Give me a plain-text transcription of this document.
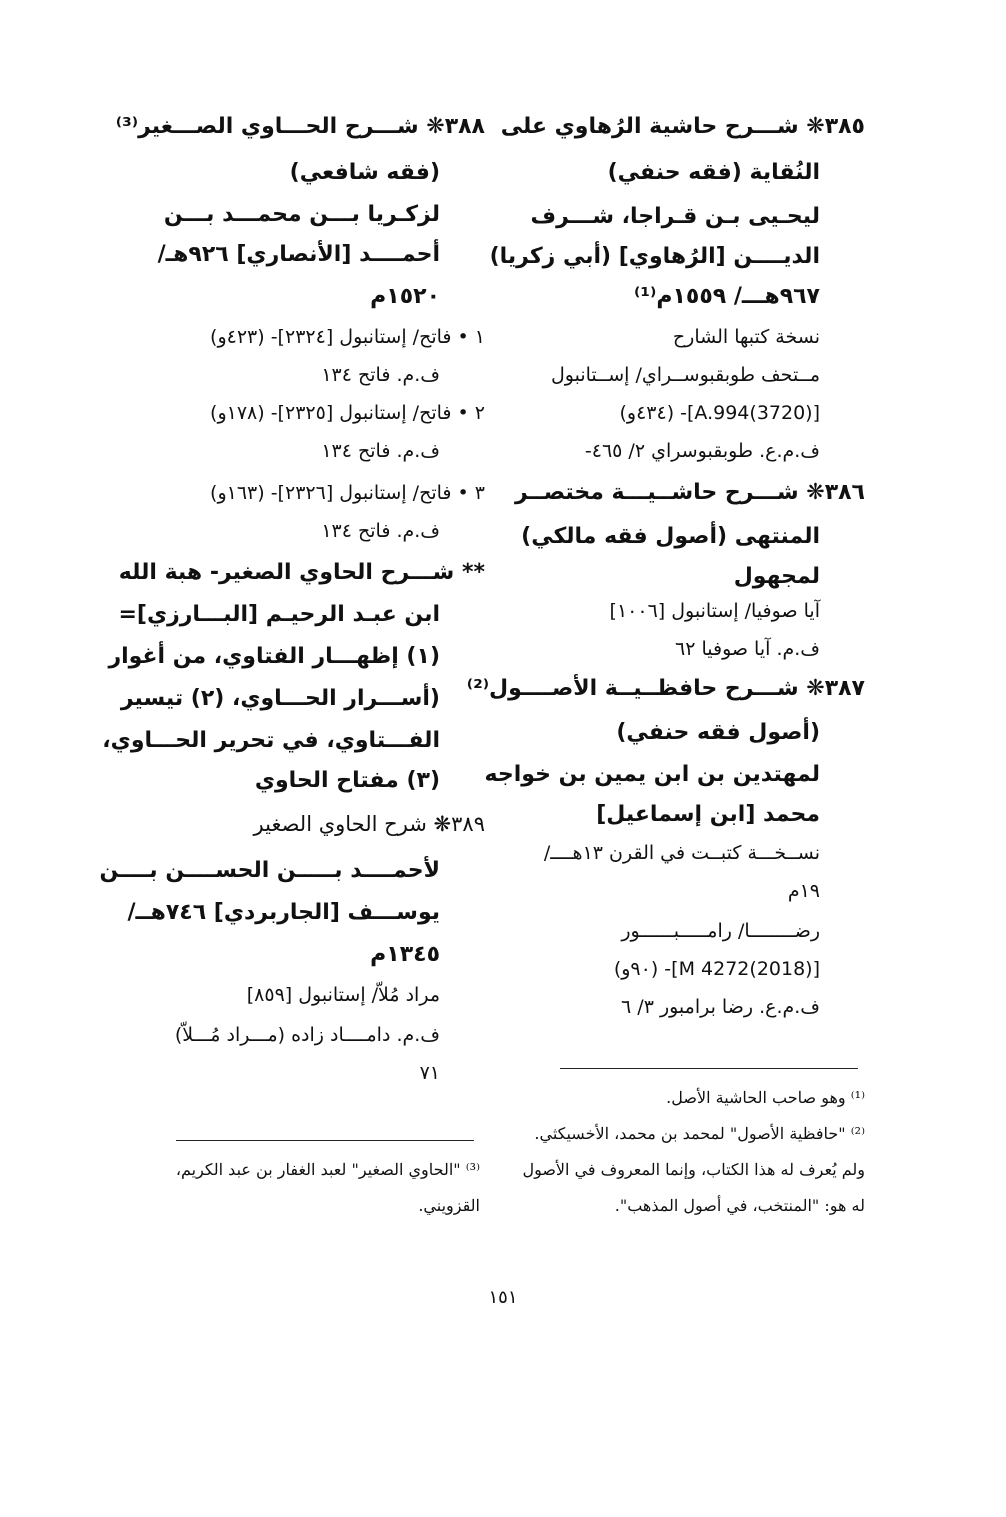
٣٨٥❋ شـــرح حاشية الرُهاوي على
النُقاية (فقه حنفي)
ليحـيى بـن قـراجا، شـــرف
الديــــن [الرُهاوي] (أبي زكريا)
٩٦٧هـــ/ ١٥٥٩م⁽¹⁾
نسخة كتبها الشارح
مــتحف طوبقبوســراي/ إســتانبول
[(3720)A.994]- (٤٣٤و)
ف.م.ع. طوبقبوسراي ٢/ ٤٦٥-
٣٨٦❋ شـــرح حاشــيـــة مختصــر
المنتهى (أصول فقه مالكي)
لمجهول
آيا صوفيا/ إستانبول [١٠٠٦]
ف.م. آيا صوفيا ٦٢
٣٨٧❋ شـــرح حافظــيــة الأصــــول⁽²⁾
(أصول فقه حنفي)
لمهتدين بن ابن يمين بن خواجه
محمد [ابن إسماعيل]
نســخـــة كتبــت في القرن ١٣هــــ/
١٩م
رضــــــــا/ رامـــــبــــــور
[(2018)4272 M]- (٩٠و)
ف.م.ع. رضا برامبور ٣/ ٦
٣٨٨❋ شـــرح الحـــاوي الصـــغير⁽³⁾
(فقه شافعي)
لزكـريا بـــن محمـــد بـــن
أحمــــد [الأنصاري] ٩٢٦هـ/
١٥٢٠م
١ • فاتح/ إستانبول [٢٣٢٤]- (٤٢٣و)
ف.م. فاتح ١٣٤
٢ • فاتح/ إستانبول [٢٣٢٥]- (١٧٨و)
ف.م. فاتح ١٣٤
٣ • فاتح/ إستانبول [٢٣٢٦]- (١٦٣و)
ف.م. فاتح ١٣٤
** شـــرح الحاوي الصغير- هبة الله
ابن عبـد الرحيـم [البـــارزي]=
(١) إظهـــار الفتاوي، من أغوار
(أســـرار الحـــاوي، (٢) تيسير
الفـــتاوي، في تحرير الحـــاوي،
(٣) مفتاح الحاوي
٣٨٩❋ شرح الحاوي الصغير
لأحمــــد بـــــن الحســــن بــــن
يوســـف [الجاربردي] ٧٤٦هــ/
١٣٤٥م
مراد مُلاّ/ إستانبول [٨٥٩]
ف.م. دامــــاد زاده (مـــراد مُـــلاّ)
٧١
⁽¹⁾ وهو صاحب الحاشية الأصل.
⁽²⁾ "حافظية الأصول" لمحمد بن محمد، الأخسيكثي.
ولم يُعرف له هذا الكتاب، وإنما المعروف في الأصول
له هو: "المنتخب، في أصول المذهب".
⁽³⁾ "الحاوي الصغير" لعبد الغفار بن عبد الكريم،
القزويني.
١٥١
